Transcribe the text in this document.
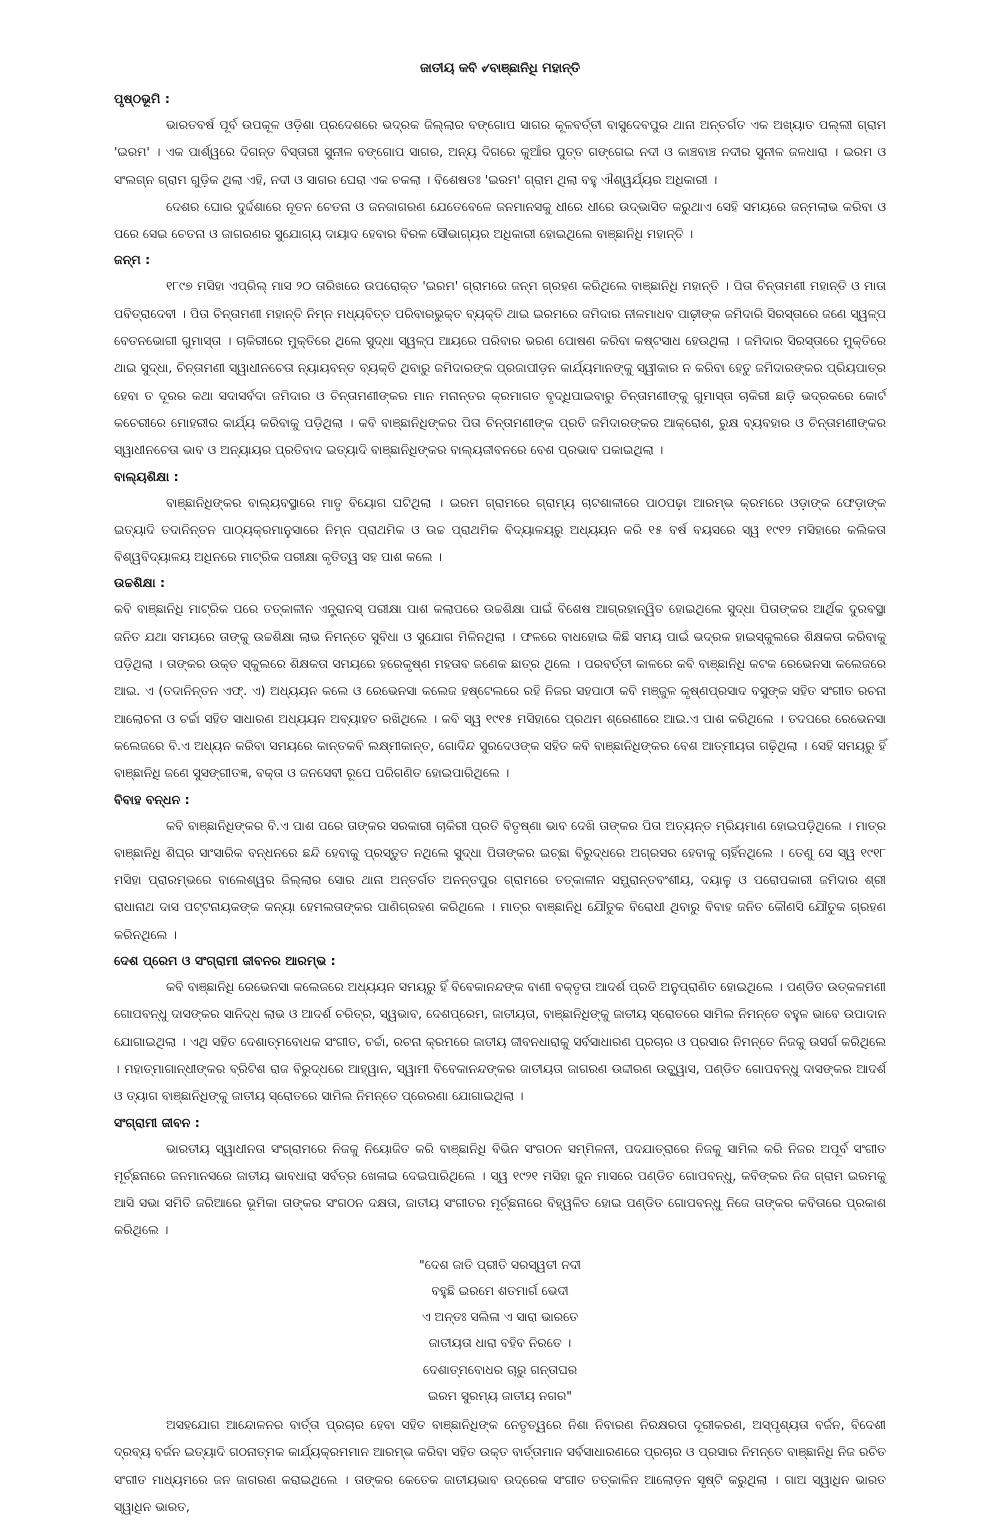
ଜାତୀୟ କବି ୰ବାଞ୍ଛାନିଧି ମହାନ୍ତି
ପୃଷ୍ଠଭୂମି :

ଭାରତବର୍ଷ ପୂର୍ବ ଉପକୂଳ ଓଡ଼ିଶା ପ୍ରଦେଶରେ ଭଦ୍ରକ ଜିଲ୍ଲାର ବଙ୍ଗୋପ ସାଗର କୂଳବର୍ତ୍ତୀ ବାସୁଦେବପୁର ଥାନା ଅନ୍ତର୍ଗତ ଏକ ଅଖ୍ୟାତ ପଲ୍ଲୀ ଗ୍ରାମ 'ଇରମ' । ଏକ ପାର୍ଶ୍ୱରେ ଦିଗନ୍ତ ବିସ୍ତାରୀ ସୁନୀଳ ବଙ୍ଗୋପ ସାଗର, ଅନ୍ୟ ଦିଗରେ କୁଆଁର ପୁତ୍ତ ଗଙ୍ଗେଇ ନଦୀ ଓ କାଞ୍ଚବାଞ୍ଚ ନଦୀର ସୁନୀଳ ଜଳଧାରା । ଇରମ ଓ ସଂଲଗ୍ନ ଗ୍ରାମ ଗୁଡ଼ିକ ଥିଲା ଏହି, ନଦୀ ଓ ସାଗର ଘେରା ଏକ ଚକଲା । ବିଶେଷତଃ 'ଇରମ' ଗ୍ରାମ ଥିଲା ବହୁ ଐଶ୍ୱର୍ଯ୍ୟର ଅଧିକାରୀ ।

ଦେଶର ଘୋର ଦୁର୍ଦ୍ଦଶାରେ ନୂତନ ଚେତନା ଓ ଜନଜାଗରଣ ଯେତେବେଳେ ଜନମାନସକୁ ଧୀରେ ଧୀରେ ଉଦ୍ଭାସିତ କରୁଥାଏ ସେହି ସମୟରେ ଜନ୍ମଲାଭ କରିବା ଓ ପରେ ସେଇ ଚେତନା ଓ ଜାଗରଣର ସୁଯୋଗ୍ୟ ଦାୟାଦ ହେବାର ବିରଳ ସୌଭାଗ୍ୟର ଅଧିକାରୀ ହୋଇଥିଲେ ବାଞ୍ଛାନିଧି ମହାନ୍ତି ।

ଜନ୍ମ :

୧୮୯୭ ମସିହା ଏପ୍ରିଲ୍ ମାସ ୨୦ ତାରିଖରେ ଉପରୋକ୍ତ 'ଇରମ' ଗ୍ରାମରେ ଜନ୍ମ ଗ୍ରହଣ କରିଥିଲେ ବାଞ୍ଛାନିଧି ମହାନ୍ତି । ପିତା ଚିନ୍ତାମଣୀ ମହାନ୍ତି ଓ ମାତା ପବିତ୍ରାଦେବୀ । ପିତା ଚିନ୍ତାମଣୀ ମହାନ୍ତି ନିମ୍ନ ମଧ୍ୟବିତ୍ତ ପରିବାରଭୁକ୍ତ ବ୍ୟକ୍ତି ଥାଇ ଇରମରେ ଜମିଦାର ନୀଳମାଧବ ପାଢ଼ୀଙ୍କ ଜମିଦାରି ସିରସ୍ତାରେ ଜଣେ ସ୍ୱଳ୍ପ ବେତନଭୋଗୀ ଗୁମାସ୍ତା । ଚାକିରୀରେ ମୁକ୍ତିରେ ଥିଲେ ସୁଦ୍ଧା ସ୍ୱଳ୍ପ ଆୟରେ ପରିବାର ଭରଣ ପୋଷଣ କରିବା କଷ୍ଟସାଧ ହେଉଥିଲା । ଜମିଦାର ସିରସ୍ତାରେ ମୁକ୍ତିରେ ଥାଇ ସୁଦ୍ଧା, ଚିନ୍ତାମଣୀ ସ୍ୱାଧୀନଚେତା ନ୍ୟାୟବନ୍ତ ବ୍ୟକ୍ତି ଥିବାରୁ ଜମିଦାରଙ୍କ ପ୍ରଜାପୀଡ଼ନ କାର୍ଯ୍ୟମାନଙ୍କୁ ସ୍ୱୀକାର ନ କରିବା ହେତୁ ଜମିଦାରଙ୍କର ପ୍ରିୟପାତ୍ର ହେବା ତ ଦୂରର କଥା ସଦାସର୍ବଦା ଜମିଦାର ଓ ଚିନ୍ତାମଣୀଙ୍କର ମାନ ମନାନ୍ତର କ୍ରମାଗତ ବୃଦ୍ଧିପାଇବାରୁ ଚିନ୍ତାମଣୀଙ୍କୁ ଗୁମାସ୍ତା ଚାକିରୀ ଛାଡ଼ି ଭଦ୍ରକରେ କୋର୍ଟ କଚେରୀରେ ମୋହରୀର କାର୍ଯ୍ୟ କରିବାକୁ ପଡ଼ିଥିଲା । କବି ବାଞ୍ଛାନିଧିଙ୍କର ପିତା ଚିନ୍ତାମଣୀଙ୍କ ପ୍ରତି ଜମିଦାରଙ୍କର ଆକ୍ରୋଶ, ରୁକ୍ଷ ବ୍ୟବହାର ଓ ଚିନ୍ତାମଣୀଙ୍କର ସ୍ୱାଧୀନଚେତା ଭାବ ଓ ଅନ୍ୟାୟର ପ୍ରତିବାଦ ଇତ୍ୟାଦି ବାଞ୍ଛାନିଧିଙ୍କର ବାଲ୍ୟଜୀବନରେ ବେଶ ପ୍ରଭାବ ପକାଇଥିଲା ।

ବାଲ୍ୟଶିକ୍ଷା :

ବାଞ୍ଛାନିଧିଙ୍କର ବାଲ୍ୟବସ୍ଥାରେ ମାତୃ ବିୟୋଗ ଘଟିଥିଲା । ଇରମ ଗ୍ରାମରେ ଗ୍ରାମ୍ୟ ଚାଟଶାଳୀରେ ପାଠପଢ଼ା ଆରମ୍ଭ କ୍ରମରେ ଓଡ଼ାଙ୍କ ଫେଡ଼ାଙ୍କ ଇତ୍ୟାଦି ତଦାନିନ୍ତନ ପାଠ୍ୟକ୍ରମାନୁସାରେ ନିମ୍ନ ପ୍ରାଥମିକ ଓ ଉଚ୍ଚ ପ୍ରାଥମିକ ବିଦ୍ୟାଳୟରୁ ଅଧ୍ୟୟନ କରି ୧୫ ବର୍ଷ ବୟସରେ ସ୍ୱ ୧୯୧୨ ମସିହାରେ କଲିକତା ବିଶ୍ୱବିଦ୍ୟାଳୟ ଅଧିନରେ ମାଟ୍ରିକ ପରୀକ୍ଷା କୃତିତ୍ୱ ସହ ପାଶ କଲେ ।

ଉଚ୍ଚଶିକ୍ଷା :

କବି ବାଞ୍ଛାନିଧି ମାଟ୍ରିକ ପରେ ତତ୍କାଳୀନ ଏନ୍ଟ୍ରାନସ୍ ପରୀକ୍ଷା ପାଶ କଲାପରେ ଉଚ୍ଚଶିକ୍ଷା ପାଇଁ ବିଶେଷ ଆଗ୍ରହାନ୍ୱିତ ହୋଇଥିଲେ ସୁଦ୍ଧା ପିତାଙ୍କର ଆର୍ଥିକ ଦୁରବସ୍ଥା ଜନିତ ଯଥା ସମୟରେ ତାଙ୍କୁ ଉଚ୍ଚଶିକ୍ଷା ଲାଭ ନିମନ୍ତେ ସୁବିଧା ଓ ସୁଯୋଗ ମିଳିନଥିଲା । ଫଳରେ ବାଧହୋଇ କିଛି ସମୟ ପାଇଁ ଭଦ୍ରକ ହାଇସ୍କୁଲରେ ଶିକ୍ଷକତା କରିବାକୁ ପଡ଼ିଥିଲା । ତାଙ୍କର ଉକ୍ତ ସ୍କୁଲରେ ଶିକ୍ଷକତା ସମୟରେ ହରେକୃଷ୍ଣ ମହତାବ ଜଣେକ ଛାତ୍ର ଥିଲେ । ପରବର୍ତ୍ତୀ କାଳରେ କବି ବାଞ୍ଛାନିଧି କଟକ ରେଭେନସା କଲେଜରେ ଆଇ. ଏ (ତଦାନିନ୍ତନ ଏଫ୍. ଏ) ଅଧ୍ୟୟନ କଲେ ଓ ରେଭେନସା କଲେଜ ହଷ୍ଟେଲରେ ରହି ନିଜର ସହପାଠୀ କବି ମଞ୍ଜୁଳ କୃଷ୍ଣପ୍ରସାଦ ବସୁଙ୍କ ସହିତ ସଂଗୀତ ରଚନା ଆଲୋଚନା ଓ ଚର୍ଚ୍ଚା ସହିତ ସାଧାରଣ ଅଧ୍ୟୟନ ଅବ୍ୟାହତ ରଖିଥିଲେ । କବି ସ୍ୱ ୧୯୧୫ ମସିହାରେ ପ୍ରଥମ ଶ୍ରେଣୀରେ ଆଇ.ଏ ପାଶ କରିଥିଲେ । ତଦପରେ ରେଭେନସା କଲେଜରେ ବି.ଏ ଅଧ୍ୟନ କରିବା ସମୟରେ କାନ୍ତକବି ଲକ୍ଷ୍ମୀକାନ୍ତ, ଗୋଦିନ୍ଦ ସୁରଦେଓଙ୍କ ସହିତ କବି ବାଞ୍ଛାନିଧିଙ୍କର ବେଶ ଆତ୍ମୀୟତା ଗଢ଼ିଥିଲା । ସେହି ସମୟରୁ ହିଁ ବାଞ୍ଛାନିଧି ଜଣେ ସୁସଙ୍ଗୀତଜ୍ଞ, ବକ୍ତା ଓ ଜନସେବୀ ରୂପେ ପରିଗଣିତ ହୋଇପାରିଥିଲେ ।

ବିବାହ ବନ୍ଧନ :

କବି ବାଞ୍ଛାନିଧିଙ୍କର ବି.ଏ ପାଶ ପରେ ତାଙ୍କର ସରକାରୀ ଚାକିରୀ ପ୍ରତି ବିତୃଷ୍ଣା ଭାବ ଦେଖି ତାଙ୍କର ପିତା ଅତ୍ୟନ୍ତ ମ୍ରିୟମାଣ ହୋଇପଡ଼ିଥିଲେ । ମାତ୍ର ବାଞ୍ଛାନିଧି ଶିଘ୍ର ସାଂସାରିକ ବନ୍ଧନରେ ଛନ୍ଦି ହେବାକୁ ପ୍ରସ୍ତୁତ ନଥିଲେ ସୁଦ୍ଧା ପିତାଙ୍କର ଇଚ୍ଛା ବିରୁଦ୍ଧରେ ଅଗ୍ରସର ହେବାକୁ ଚାହିଁନଥିଲେ । ତେଣୁ ସେ ସ୍ୱ ୧୯୧୮ ମସିହା ପ୍ରାରମ୍ଭରେ ବାଲେଶ୍ୱର ଜିଲ୍ଲାର ସୋର ଥାନା ଅନ୍ତର୍ଗତ ଅନନ୍ତପୁର ଗ୍ରାମରେ ତତ୍କାଳୀନ ସମ୍ଭ୍ରାନ୍ତବଂଶୀୟ, ଦୟାଳୁ ଓ ପରୋପକାରୀ ଜମିଦାର ଶ୍ରୀ ରାଧାନାଥ ଦାସ ପଟ୍ଟନାୟକଙ୍କ କନ୍ୟା ହେମଲତାଙ୍କର ପାଣିଗ୍ରହଣ କରିଥିଲେ । ମାତ୍ର ବାଞ୍ଛାନିଧି ଯୌତୁକ ବିରୋଧୀ ଥିବାରୁ ବିବାହ ଜନିତ କୌଣସି ଯୌତୁକ ଗ୍ରହଣ କରିନଥିଲେ ।

ଦେଶ ପ୍ରେମ ଓ ସଂଗ୍ରାମୀ ଜୀବନର ଆରମ୍ଭ :

କବି ବାଞ୍ଛାନିଧି ରେଭେନସା କଲେଜରେ ଅଧ୍ୟୟନ ସମୟରୁ ହିଁ ବିବେକାନନ୍ଦଙ୍କ ବାଣୀ ବକ୍ତୃତା ଆଦର୍ଶ ପ୍ରତି ଅନୁପ୍ରାଣିତ ହୋଇଥିଲେ । ପଣ୍ଡିତ ଉତ୍କଳମଣୀ ଗୋପବନ୍ଧୁ ଦାସଙ୍କର ସାନିଦ୍ଧ ଲାଭ ଓ ଆଦର୍ଶ ଚରିତ୍ର, ସ୍ୱଭାବ, ଦେଶପ୍ରେମ, ଜାତୀୟତା, ବାଞ୍ଛାନିଧିଙ୍କୁ ଜାତୀୟ ସ୍ରୋତରେ ସାମିଲ ନିମନ୍ତେ ବହୁଳ ଭାବେ ଉପାଦାନ ଯୋଗାଇଥିଲା । ଏଥି ସହିତ ଦେଶାତ୍ମବୋଧକ ସଂଗୀତ, ଚର୍ଚ୍ଚା, ରଚନା କ୍ରମରେ ଜାତୀୟ ଜୀବନଧାରାକୁ ସର୍ବସାଧାରଣ ପ୍ରଚାର ଓ ପ୍ରସାର ନିମନ୍ତେ ନିଜକୁ ଉସର୍ଗ କରିଥିଲେ । ମହାତ୍ମାଗାନ୍ଧୀଙ୍କର ବ୍ରିଟିଶ ରାଜ ବିରୁଦ୍ଧରେ ଆହ୍ୱାନ, ସ୍ୱାମୀ ବିବେକାନନ୍ଦଙ୍କର ଜାତୀୟତା ଜାଗରଣ ଉଦ୍ଦୀରଣ ଉଚ୍ଛ୍ୱାସ, ପଣ୍ଡିତ ଗୋପବନ୍ଧୁ ଦାସଙ୍କର ଆଦର୍ଶ ଓ ତ୍ୟାଗ ବାଞ୍ଛାନିଧିଙ୍କୁ ଜାତୀୟ ସ୍ରୋତରେ ସାମିଲ ନିମନ୍ତେ ପ୍ରେରଣା ଯୋଗାଇଥିଲା ।

ସଂଗ୍ରାମୀ ଜୀବନ :

ଭାରତୀୟ ସ୍ୱାଧୀନତା ସଂଗ୍ରାମରେ ନିଜକୁ ନିୟୋଜିତ କରି ବାଞ୍ଛାନିଧି ବିଭିନ ସଂଗଠନ ସମ୍ମିଳନୀ, ପଦଯାତ୍ରାରେ ନିଜକୁ ସାମିଲ କରି ନିଜର ଅପୂର୍ବ ସଂଗୀତ ମୂର୍ଚ୍ଛନାରେ ଜନମାନସରେ ଜାତୀୟ ଭାବଧାରା ସର୍ବତ୍ର ଖେଳାଇ ଦେଇପାରିଥିଲେ । ସ୍ୱ ୧୯୨୧ ମସିହା ଜୁନ ମାସରେ ପଣ୍ଡିତ ଗୋପବନ୍ଧୁ, କବିଙ୍କର ନିଜ ଗ୍ରାମ ଇରମକୁ ଆସି ସଭା ସମିତି ଜରିଆରେ ଭୂମିକା ତାଙ୍କର ସଂଗଠନ ଦକ୍ଷତା, ଜାତୀୟ ସଂଗୀତର ମୂର୍ଚ୍ଛନାରେ ବିହ୍ୱଳିତ ହୋଇ ପଣ୍ଡିତ ଗୋପବନ୍ଧୁ ନିଜେ ତାଙ୍କର କବିତାରେ ପ୍ରକାଶ କରିଥିଲେ ।

"ଦେଶ ଜାତି ପ୍ରୀତି ସରସ୍ୱତୀ ନଦୀ
ବହୁଛି ଇରମେ ଶତମାର୍ଗ ଭେଦୀ
ଏ ଅନ୍ତଃ ସଲିଳା ଏ ସାରା ଭାରତେ
ଜାତୀୟତା ଧାରା ବହିବ ନିରତେ ।
ଦେଶାତ୍ମବୋଧର ଚାରୁ ଗନ୍ତାଘର
ଇରମ ସୁରମ୍ୟ ଜାତୀୟ ନଗର"

ଅସହଯୋଗ ଆନ୍ଦୋଳନର ବାର୍ତ୍ତା ପ୍ରଚାର ହେବା ସହିତ ବାଞ୍ଛାନିଧିଙ୍କ ନେତୃତ୍ୱରେ ନିଶା ନିବାରଣ ନିରକ୍ଷରତା ଦୂରୀକରଣ, ଅସ୍ପୃଶ୍ୟତା ବର୍ଜନ, ବିଦେଶୀ ଦ୍ରବ୍ୟ ବର୍ଜନ ଇତ୍ୟାଦି ଗଠନାତ୍ମକ କାର୍ଯ୍ୟକ୍ରମମାନ ଆରମ୍ଭ କରିବା ସହିତ ଉକ୍ତ ବାର୍ତ୍ତାମାନ ସର୍ବସାଧାରଣରେ ପ୍ରଚାର ଓ ପ୍ରସାର ନିମନ୍ତେ ବାଞ୍ଛାନିଧି ନିଜ ରଚିତ ସଂଗୀତ ମାଧ୍ୟମରେ ଜନ ଜାଗରଣ କରାଇଥିଲେ । ତାଙ୍କର କେତେକ ଜାତୀୟଭାବ ଉଦ୍ରେକ ସଂଗୀତ ତତ୍କାଳିନ ଆଲୋଡ଼ନ ସୃଷ୍ଟି କରୁଥିଲା । ଗାଅ ସ୍ୱାଧିନ ଭାରତ ସ୍ୱାଧିନ ଭାରତ,
